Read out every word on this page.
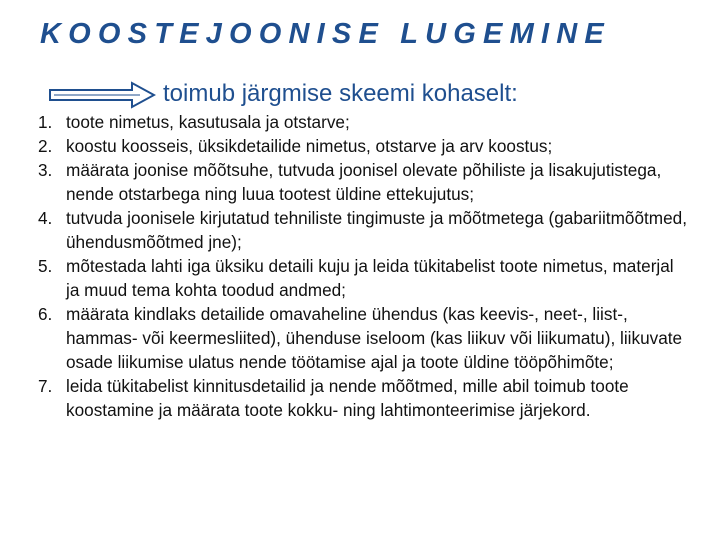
KOOSTEJOONISE LUGEMINE

toimub järgmise skeemi kohaselt:

1. toote nimetus, kasutusala ja otstarve;
2. koostu koosseis, üksikdetailide nimetus, otstarve ja arv koostus;
3. määrata joonise mõõtsuhe, tutvuda joonisel olevate põhiliste ja lisakujutistega, nende otstarbega ning luua tootest üldine ettekujutus;
4. tutvuda joonisele kirjutatud tehniliste tingimuste ja mõõtmetega (gabariitmõõtmed, ühendusmõõtmed jne);
5. mõtestada lahti iga üksiku detaili kuju ja leida tükitabelist toote nimetus, materjal ja muud tema kohta toodud andmed;
6. määrata kindlaks detailide omavaheline ühendus (kas keevis-, neet-, liist-, hammas- või keermesliited), ühenduse iseloom (kas liikuv või liikumatu), liikuvate osade liikumise ulatus nende töötamise ajal ja toote üldine tööpõhimõte;
7. leida tükitabelist kinnitusdetailid ja nende mõõtmed, mille abil toimub toote koostamine ja määrata toote kokku- ning lahtimonteerimise järjekord.
